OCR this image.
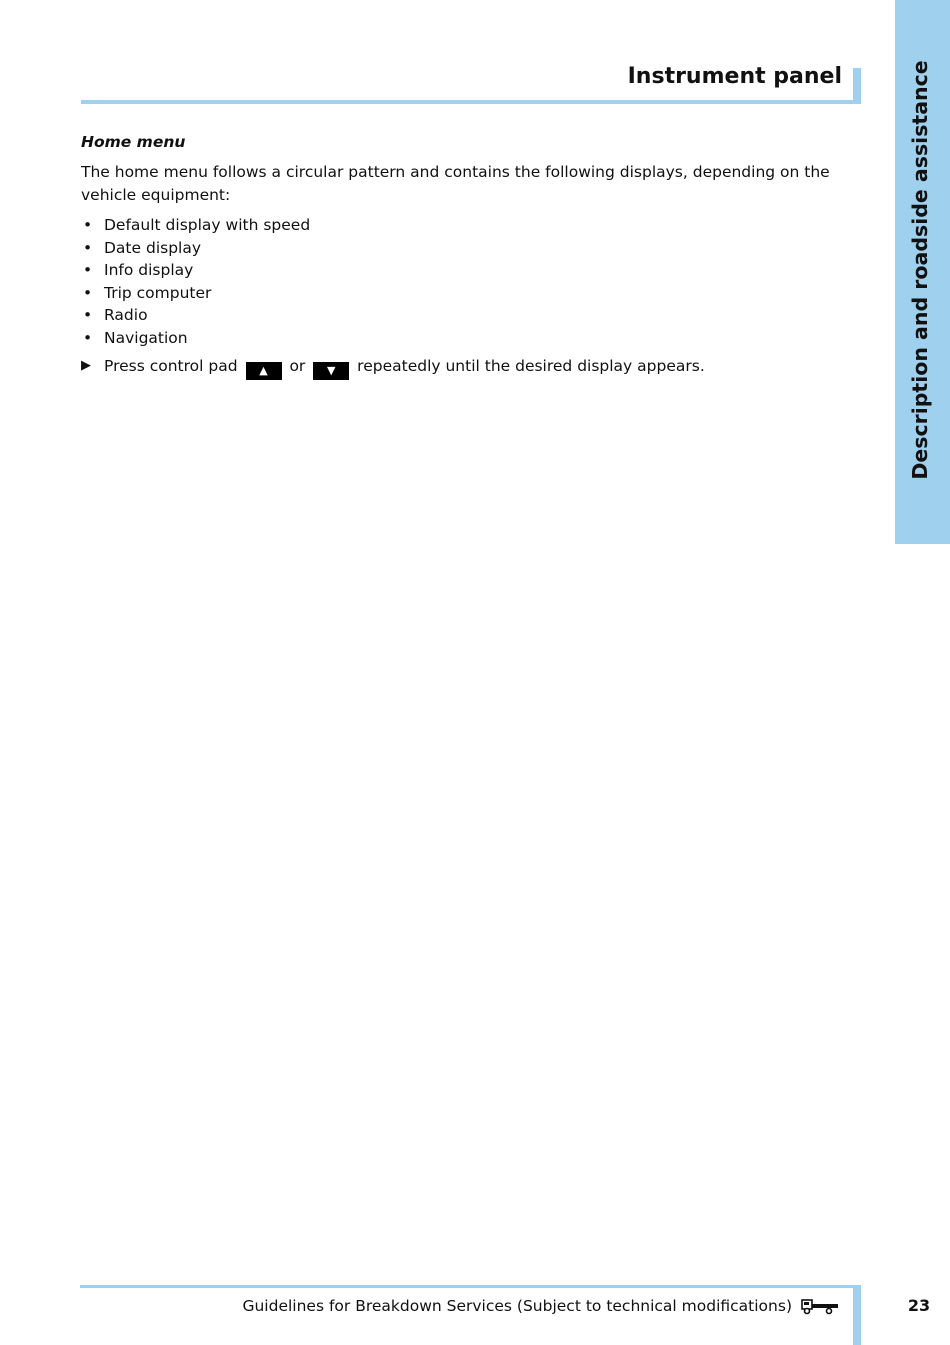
Instrument panel	Description and roadside assistance
Home menu
The home menu follows a circular pattern and contains the following displays, depending on the vehicle equipment:
• Default display with speed
• Date display
• Info display
• Trip computer
• Radio
• Navigation
▶ Press control pad ▲ or ▼ repeatedly until the desired display appears.
Guidelines for Breakdown Services (Subject to technical modifications)	23
